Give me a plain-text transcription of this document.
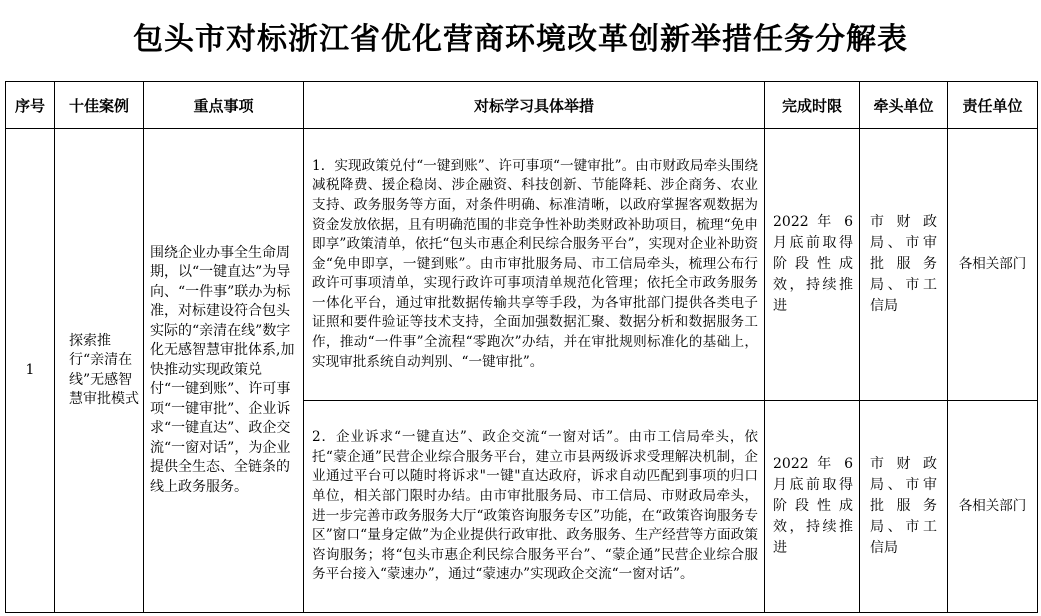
包头市对标浙江省优化营商环境改革创新举措任务分解表
序号	十佳案例	重点事项	对标学习具体举措	完成时限	牵头单位	责任单位
1	探索推行“亲清在线”无感智慧审批模式	围绕企业办事全生命周期，以“一键直达”为导向、“一件事”联办为标准，对标建设符合包头实际的“亲清在线”数字化无感智慧审批体系,加快推动实现政策兑付“一键到账”、许可事项“一键审批”、企业诉求“一键直达”、政企交流“一窗对话”，为企业提供全生态、全链条的线上政务服务。	1．实现政策兑付“一键到账”、许可事项“一键审批”。由市财政局牵头围绕减税降费、援企稳岗、涉企融资、科技创新、节能降耗、涉企商务、农业支持、政务服务等方面，对条件明确、标准清晰，以政府掌握客观数据为资金发放依据，且有明确范围的非竞争性补助类财政补助项目，梳理“免申即享”政策清单，依托“包头市惠企利民综合服务平台”，实现对企业补助资金“免申即享，一键到账”。由市审批服务局、市工信局牵头，梳理公布行政许可事项清单，实现行政许可事项清单规范化管理；依托全市政务服务一体化平台，通过审批数据传输共享等手段，为各审批部门提供各类电子证照和要件验证等技术支持，全面加强数据汇聚、数据分析和数据服务工作，推动“一件事”全流程“零跑次”办结，并在审批规则标准化的基础上，实现审批系统自动判别、“一键审批”。	2022 年 6 月底前取得阶段性成效，持续推进	市财政局、市审批服务局、市工信局	各相关部门
			2．企业诉求“一键直达”、政企交流“一窗对话”。由市工信局牵头，依托“蒙企通”民营企业综合服务平台，建立市县两级诉求受理解决机制，企业通过平台可以随时将诉求"一键"直达政府，诉求自动匹配到事项的归口单位，相关部门限时办结。由市审批服务局、市工信局、市财政局牵头，进一步完善市政务服务大厅“政策咨询服务专区”功能，在“政策咨询服务专区”窗口“量身定做”为企业提供行政审批、政务服务、生产经营等方面政策咨询服务；将“包头市惠企利民综合服务平台”、“蒙企通”民营企业综合服务平台接入“蒙速办”，通过“蒙速办”实现政企交流“一窗对话”。	2022 年 6 月底前取得阶段性成效，持续推进	市财政局、市审批服务局、市工信局	各相关部门
